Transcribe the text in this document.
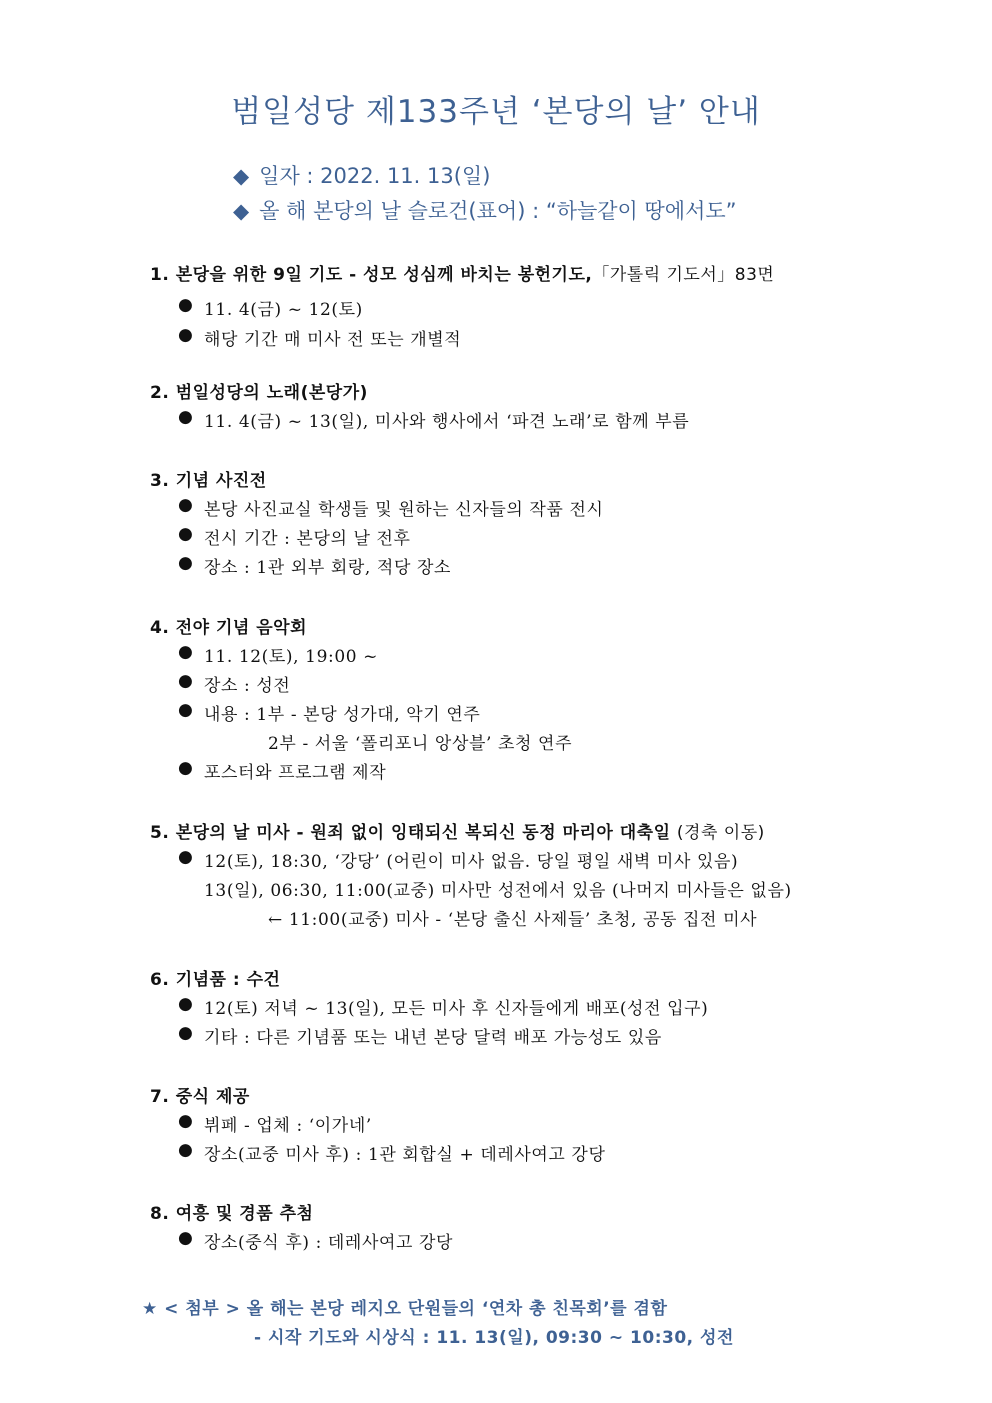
범일성당 제133주년 ‘본당의 날’ 안내
◆ 일자 : 2022. 11. 13(일)
◆ 올 해 본당의 날 슬로건(표어) : “하늘같이 땅에서도”
1. 본당을 위한 9일 기도 - 성모 성심께 바치는 봉헌기도,「가톨릭 기도서」83면
● 11. 4(금) ~ 12(토)
● 해당 기간 매 미사 전 또는 개별적
2. 범일성당의 노래(본당가)
● 11. 4(금) ~ 13(일), 미사와 행사에서 ‘파견 노래’로 함께 부름
3. 기념 사진전
● 본당 사진교실 학생들 및 원하는 신자들의 작품 전시
● 전시 기간 : 본당의 날 전후
● 장소 : 1관 외부 회랑, 적당 장소
4. 전야 기념 음악회
● 11. 12(토), 19:00 ~
● 장소 : 성전
● 내용 : 1부 - 본당 성가대, 악기 연주
2부 - 서울 ‘폴리포니 앙상블’ 초청 연주
● 포스터와 프로그램 제작
5. 본당의 날 미사 - 원죄 없이 잉태되신 복되신 동정 마리아 대축일 (경축 이동)
● 12(토), 18:30, ‘강당’ (어린이 미사 없음. 당일 평일 새벽 미사 있음)
13(일), 06:30, 11:00(교중) 미사만 성전에서 있음 (나머지 미사들은 없음)
← 11:00(교중) 미사 - ‘본당 출신 사제들’ 초청, 공동 집전 미사
6. 기념품 : 수건
● 12(토) 저녁 ~ 13(일), 모든 미사 후 신자들에게 배포(성전 입구)
● 기타 : 다른 기념품 또는 내년 본당 달력 배포 가능성도 있음
7. 중식 제공
● 뷔페 - 업체 : ‘이가네’
● 장소(교중 미사 후) : 1관 회합실 + 데레사여고 강당
8. 여흥 및 경품 추첨
● 장소(중식 후) : 데레사여고 강당
★ < 첨부 > 올 해는 본당 레지오 단원들의 ‘연차 총 친목회’를 겸함
- 시작 기도와 시상식 : 11. 13(일), 09:30 ~ 10:30, 성전
